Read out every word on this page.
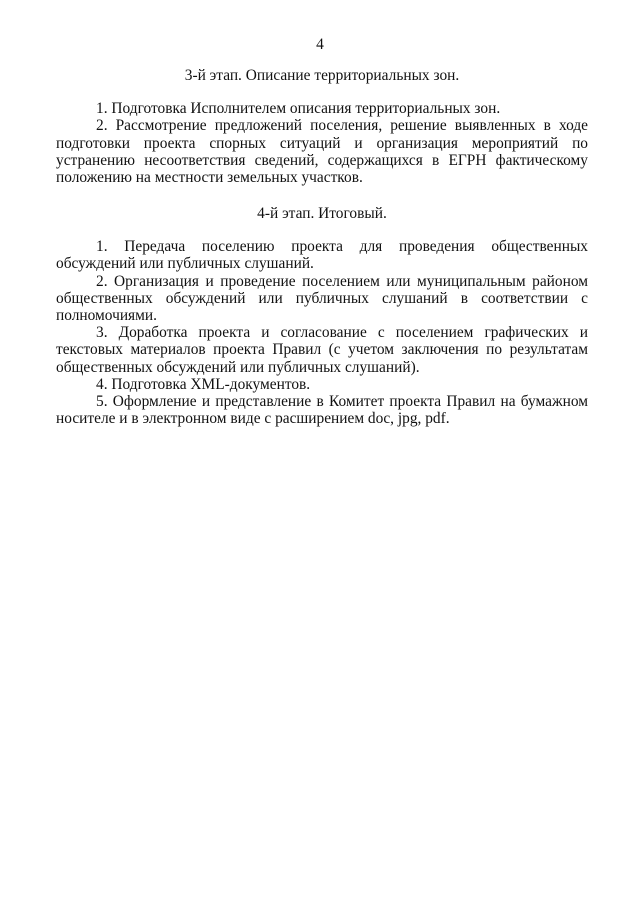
4
3-й этап. Описание территориальных зон.

1. Подготовка Исполнителем описания территориальных зон.

2. Рассмотрение предложений поселения, решение выявленных в ходе подготовки проекта спорных ситуаций и организация мероприятий по устранению несоответствия сведений, содержащихся в ЕГРН фактическому положению на местности земельных участков.

4-й этап. Итоговый.

1. Передача поселению проекта для проведения общественных обсуждений или публичных слушаний.

2. Организация и проведение поселением или муниципальным районом общественных обсуждений или публичных слушаний в соответствии с полномочиями.

3. Доработка проекта и согласование с поселением графических и текстовых материалов проекта Правил (с учетом заключения по результатам общественных обсуждений или публичных слушаний).

4. Подготовка XML-документов.

5. Оформление и представление в Комитет проекта Правил на бумажном носителе и в электронном виде с расширением doc, jpg, pdf.
